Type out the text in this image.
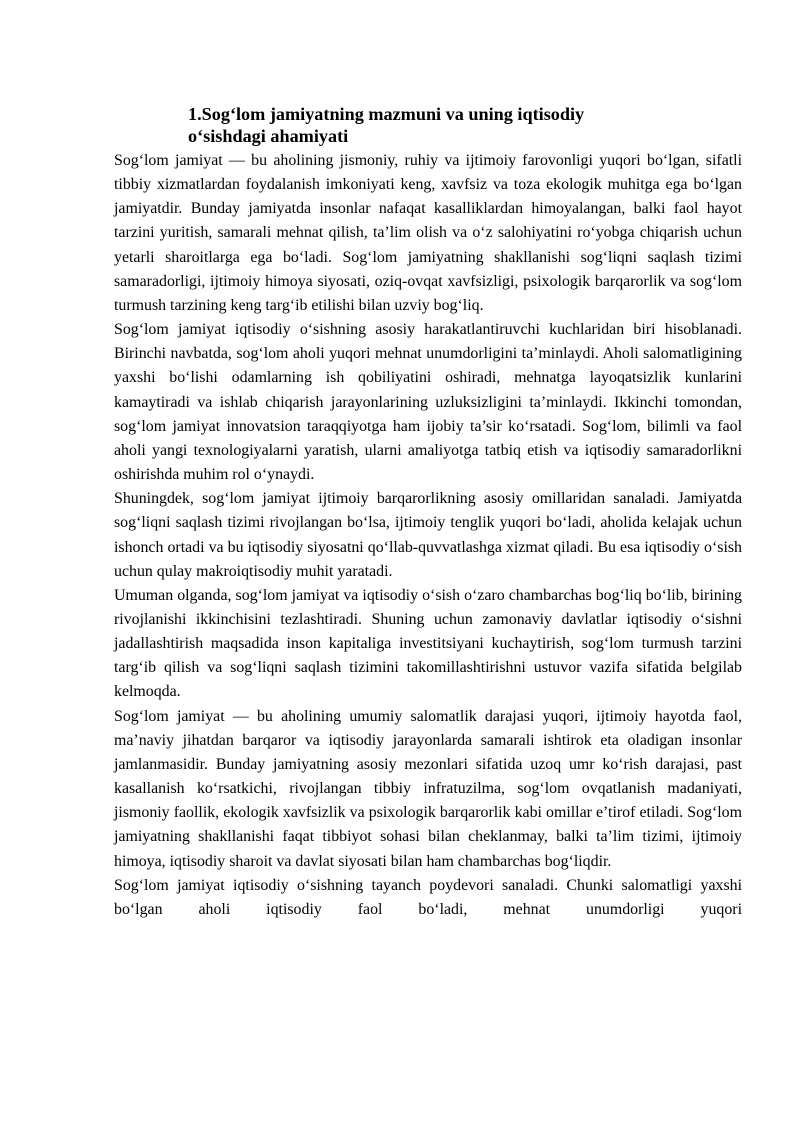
1.Sog‘lom jamiyatning mazmuni va uning iqtisodiy
o‘sishdagi ahamiyati

Sog‘lom jamiyat — bu aholining jismoniy, ruhiy va ijtimoiy farovonligi yuqori bo‘lgan, sifatli tibbiy xizmatlardan foydalanish imkoniyati keng, xavfsiz va toza ekologik muhitga ega bo‘lgan jamiyatdir. Bunday jamiyatda insonlar nafaqat kasalliklardan himoyalangan, balki faol hayot tarzini yuritish, samarali mehnat qilish, ta’lim olish va o‘z salohiyatini ro‘yobga chiqarish uchun yetarli sharoitlarga ega bo‘ladi. Sog‘lom jamiyatning shakllanishi sog‘liqni saqlash tizimi samaradorligi, ijtimoiy himoya siyosati, oziq-ovqat xavfsizligi, psixologik barqarorlik va sog‘lom turmush tarzining keng targ‘ib etilishi bilan uzviy bog‘liq.

Sog‘lom jamiyat iqtisodiy o‘sishning asosiy harakatlantiruvchi kuchlaridan biri hisoblanadi. Birinchi navbatda, sog‘lom aholi yuqori mehnat unumdorligini ta’minlaydi. Aholi salomatligining yaxshi bo‘lishi odamlarning ish qobiliyatini oshiradi, mehnatga layoqatsizlik kunlarini kamaytiradi va ishlab chiqarish jarayonlarining uzluksizligini ta’minlaydi. Ikkinchi tomondan, sog‘lom jamiyat innovatsion taraqqiyotga ham ijobiy ta’sir ko‘rsatadi. Sog‘lom, bilimli va faol aholi yangi texnologiyalarni yaratish, ularni amaliyotga tatbiq etish va iqtisodiy samaradorlikni oshirishda muhim rol o‘ynaydi.

Shuningdek, sog‘lom jamiyat ijtimoiy barqarorlikning asosiy omillaridan sanaladi. Jamiyatda sog‘liqni saqlash tizimi rivojlangan bo‘lsa, ijtimoiy tenglik yuqori bo‘ladi, aholida kelajak uchun ishonch ortadi va bu iqtisodiy siyosatni qo‘llab-quvvatlashga xizmat qiladi. Bu esa iqtisodiy o‘sish uchun qulay makroiqtisodiy muhit yaratadi.

Umuman olganda, sog‘lom jamiyat va iqtisodiy o‘sish o‘zaro chambarchas bog‘liq bo‘lib, birining rivojlanishi ikkinchisini tezlashtiradi. Shuning uchun zamonaviy davlatlar iqtisodiy o‘sishni jadallashtirish maqsadida inson kapitaliga investitsiyani kuchaytirish, sog‘lom turmush tarzini targ‘ib qilish va sog‘liqni saqlash tizimini takomillashtirishni ustuvor vazifa sifatida belgilab kelmoqda.

Sog‘lom jamiyat — bu aholining umumiy salomatlik darajasi yuqori, ijtimoiy hayotda faol, ma’naviy jihatdan barqaror va iqtisodiy jarayonlarda samarali ishtirok eta oladigan insonlar jamlanmasidir. Bunday jamiyatning asosiy mezonlari sifatida uzoq umr ko‘rish darajasi, past kasallanish ko‘rsatkichi, rivojlangan tibbiy infratuzilma, sog‘lom ovqatlanish madaniyati, jismoniy faollik, ekologik xavfsizlik va psixologik barqarorlik kabi omillar e’tirof etiladi. Sog‘lom jamiyatning shakllanishi faqat tibbiyot sohasi bilan cheklanmay, balki ta’lim tizimi, ijtimoiy himoya, iqtisodiy sharoit va davlat siyosati bilan ham chambarchas bog‘liqdir.

Sog‘lom jamiyat iqtisodiy o‘sishning tayanch poydevori sanaladi. Chunki salomatligi yaxshi bo‘lgan aholi iqtisodiy faol bo‘ladi, mehnat unumdorligi yuqori
